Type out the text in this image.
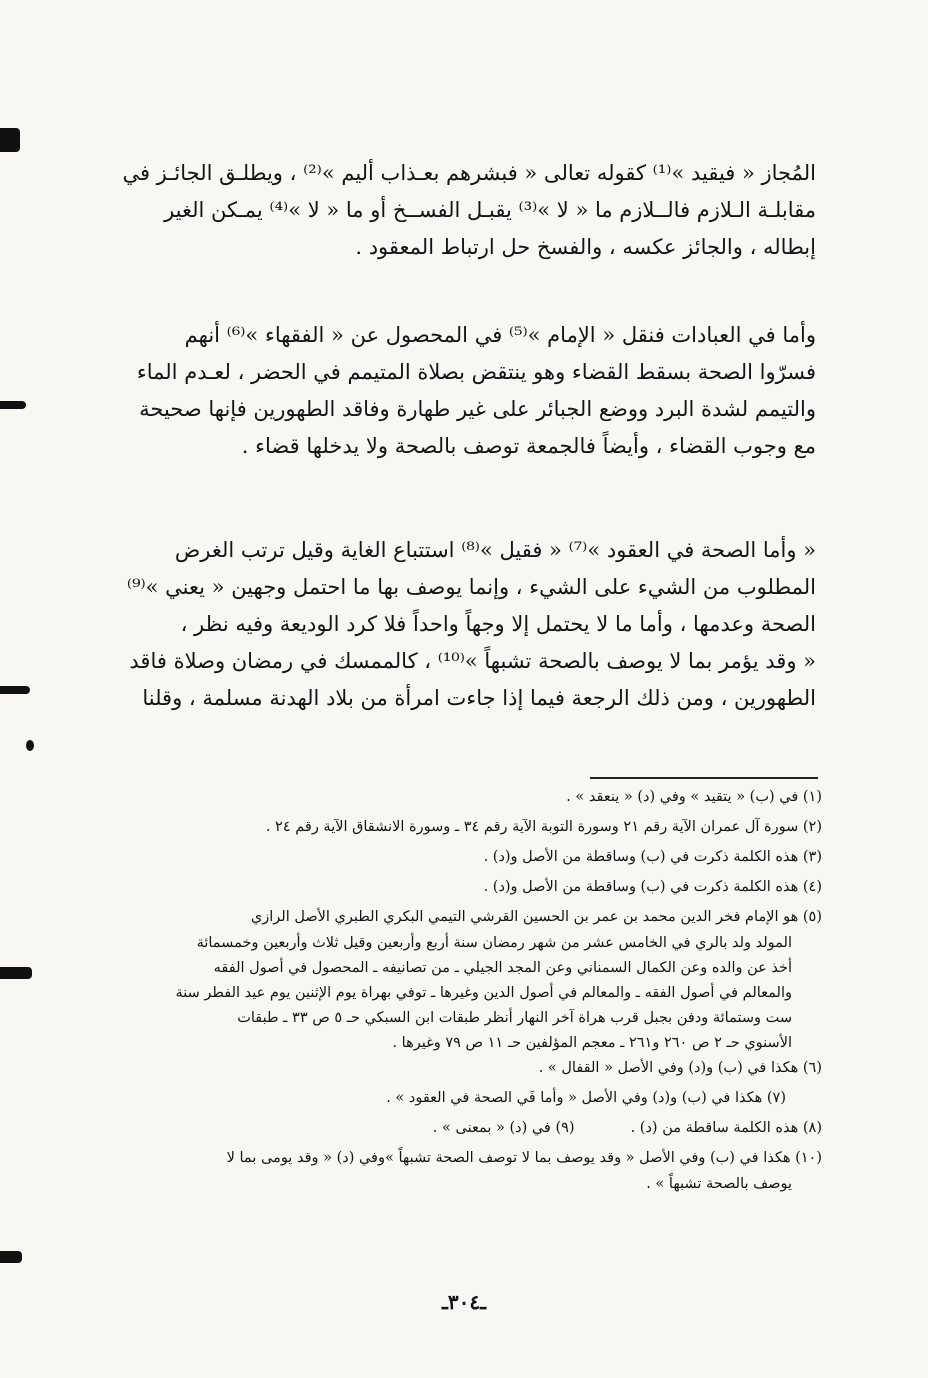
المُجاز « فيقيد »⁽¹⁾ كقوله تعالى « فبشرهم بعـذاب أليم »⁽²⁾ ، ويطلـق الجائـز في
مقابلـة الـلازم فالــلازم ما « لا »⁽³⁾ يقبـل الفســخ أو ما « لا »⁽⁴⁾ يمـكن الغير
إبطاله ، والجائز عكسه ، والفسخ حل ارتباط المعقود .
وأما في العبادات فنقل « الإمام »⁽⁵⁾ في المحصول عن « الفقهاء »⁽⁶⁾ أنهم
فسرّوا الصحة بسقط القضاء وهو ينتقض بصلاة المتيمم في الحضر ، لعـدم الماء
والتيمم لشدة البرد ووضع الجبائر على غير طهارة وفاقد الطهورين فإنها صحيحة
مع وجوب القضاء ، وأيضاً فالجمعة توصف بالصحة ولا يدخلها قضاء .
« وأما الصحة في العقود »⁽⁷⁾ « فقيل »⁽⁸⁾ استتباع الغاية وقيل ترتب الغرض
المطلوب من الشيء على الشيء ، وإنما يوصف بها ما احتمل وجهين « يعني »⁽⁹⁾
الصحة وعدمها ، وأما ما لا يحتمل إلا وجهاً واحداً فلا كرد الوديعة وفيه نظر ،
« وقد يؤمر بما لا يوصف بالصحة تشبهاً »⁽¹⁰⁾ ، كالممسك في رمضان وصلاة فاقد
الطهورين ، ومن ذلك الرجعة فيما إذا جاءت امرأة من بلاد الهدنة مسلمة ، وقلنا
(١) في (ب) « يتقيد » وفي (د) « ينعقد » .
(٢) سورة آل عمران الآية رقم ٢١ وسورة التوبة الآية رقم ٣٤ ـ وسورة الانشقاق الآية رقم ٢٤ .
(٣) هذه الكلمة ذكرت في (ب) وساقطة من الأصل و(د) .
(٤) هذه الكلمة ذكرت في (ب) وساقطة من الأصل و(د) .
(٥) هو الإمام فخر الدين محمد بن عمر بن الحسين القرشي التيمي البكري الطبري الأصل الرازي
المولد ولد بالري في الخامس عشر من شهر رمضان سنة أربع وأربعين وقيل ثلاث وأربعين وخمسمائة
أخذ عن والده وعن الكمال السمناني وعن المجد الجيلي ـ من تصانيفه ـ المحصول في أصول الفقه
والمعالم في أصول الفقه ـ والمعالم في أصول الدين وغيرها ـ توفي بهراة يوم الإثنين يوم عيد الفطر سنة
ست وستمائة ودفن بجبل قرب هراة آخر النهار أنظر طبقات ابن السبكي حـ ٥ ص ٣٣ ـ طبقات
الأسنوي حـ ٢ ص ٢٦٠ و٢٦١ ـ معجم المؤلفين حـ ١١ ص ٧٩ وغيرها .
(٦) هكذا في (ب) و(د) وفي الأصل « القفال » .
(٧) هكذا في (ب) و(د) وفي الأصل « وأما فَي الصحة في العقود » .
(٨) هذه الكلمة ساقطة من (د) .
(٩) في (د) « بمعنى » .
(١٠) هكذا في (ب) وفي الأصل « وقد يوصف بما لا توصف الصحة تشبهاً »وفي (د) « وقد يومى بما لا
يوصف بالصحة تشبهاً » .
ـ٣٠٤ـ
